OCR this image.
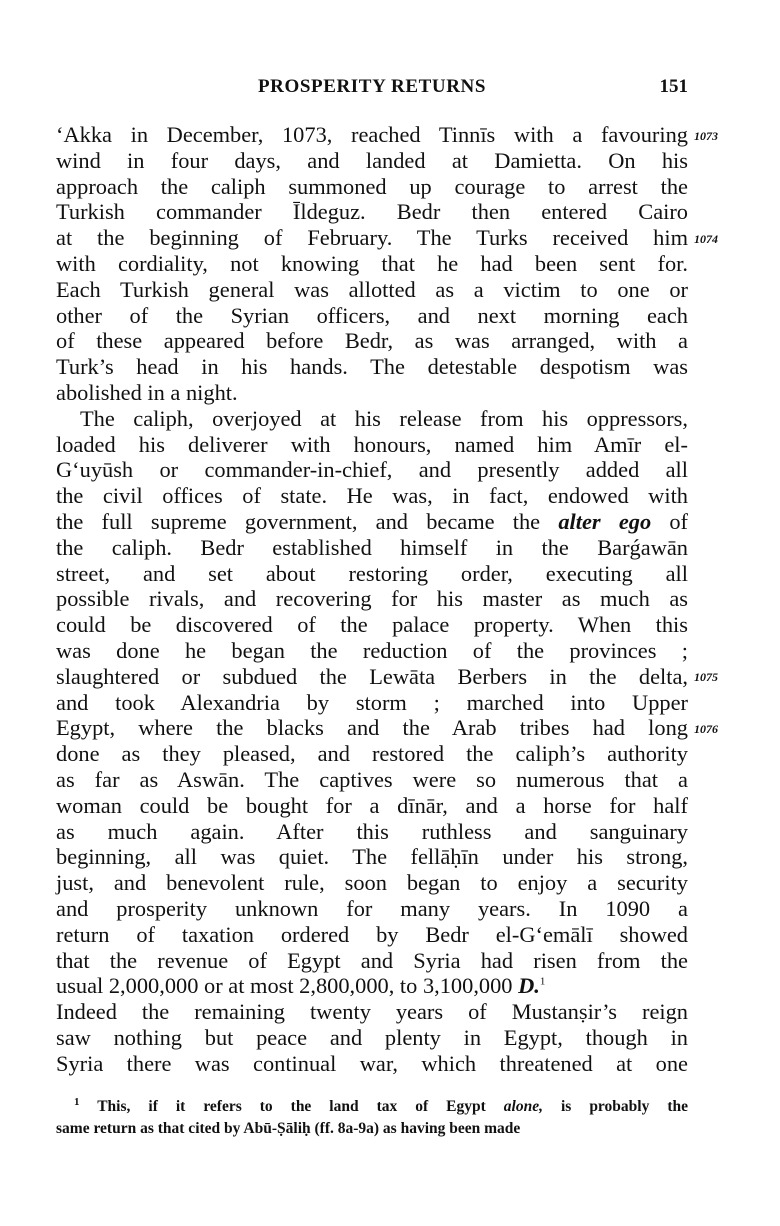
PROSPERITY RETURNS	151
‘Akka in December, 1073, reached Tinnīs with a favouring
wind in four days, and landed at Damietta. On his
approach the caliph summoned up courage to arrest the
Turkish commander Īldeguz. Bedr then entered Cairo
at the beginning of February. The Turks received him
with cordiality, not knowing that he had been sent for.
Each Turkish general was allotted as a victim to one or
other of the Syrian officers, and next morning each
of these appeared before Bedr, as was arranged, with a
Turk’s head in his hands. The detestable despotism was
abolished in a night.
The caliph, overjoyed at his release from his oppressors,
loaded his deliverer with honours, named him Amīr el-
G‘uyūsh or commander-in-chief, and presently added all
the civil offices of state. He was, in fact, endowed with
the full supreme government, and became the alter ego of
the caliph. Bedr established himself in the Barǵawān
street, and set about restoring order, executing all
possible rivals, and recovering for his master as much as
could be discovered of the palace property. When this
was done he began the reduction of the provinces ;
slaughtered or subdued the Lewāta Berbers in the delta,
and took Alexandria by storm ; marched into Upper
Egypt, where the blacks and the Arab tribes had long
done as they pleased, and restored the caliph’s authority
as far as Aswān. The captives were so numerous that a
woman could be bought for a dīnār, and a horse for half
as much again. After this ruthless and sanguinary
beginning, all was quiet. The fellāḥīn under his strong,
just, and benevolent rule, soon began to enjoy a security
and prosperity unknown for many years. In 1090 a
return of taxation ordered by Bedr el-G‘emālī showed
that the revenue of Egypt and Syria had risen from the
usual 2,000,000 or at most 2,800,000, to 3,100,000 D.$^1$
Indeed the remaining twenty years of Mustanṣir’s reign
saw nothing but peace and plenty in Egypt, though in
Syria there was continual war, which threatened at one
1073
1074
1075
1076
$^1$ This, if it refers to the land tax of Egypt alone, is probably the
same return as that cited by Abū-Ṣāliḥ (ff. 8a-9a) as having been made
